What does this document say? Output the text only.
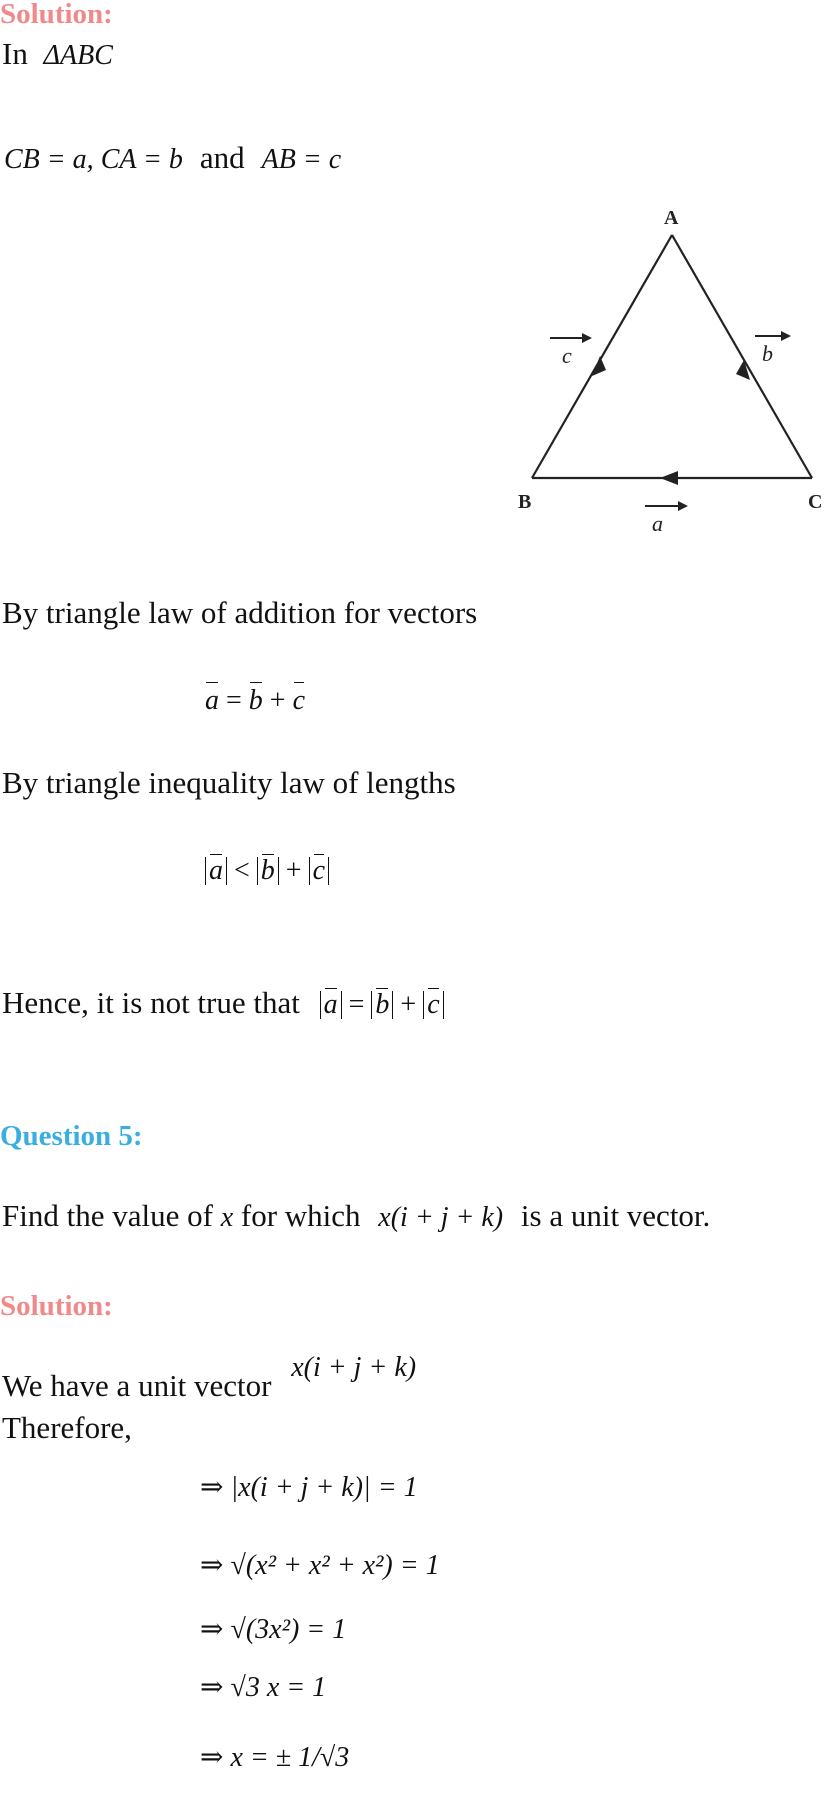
Solution:
In ΔABC
CB = a, CA = b and AB = c
A
B	C
c	b
a
By triangle law of addition for vectors
a = b + c
By triangle inequality law of lengths
a < b + c
Hence, it is not true that a = b + c
Question 5:
Find the value of x for which x(i + j + k) is a unit vector.
Solution:
We have a unit vector x(i + j + k)
Therefore,
⇒ |x(i + j + k)| = 1
⇒ √(x² + x² + x²) = 1
⇒ √(3x²) = 1
⇒ √3 x = 1
⇒ x = ± 1/√3
